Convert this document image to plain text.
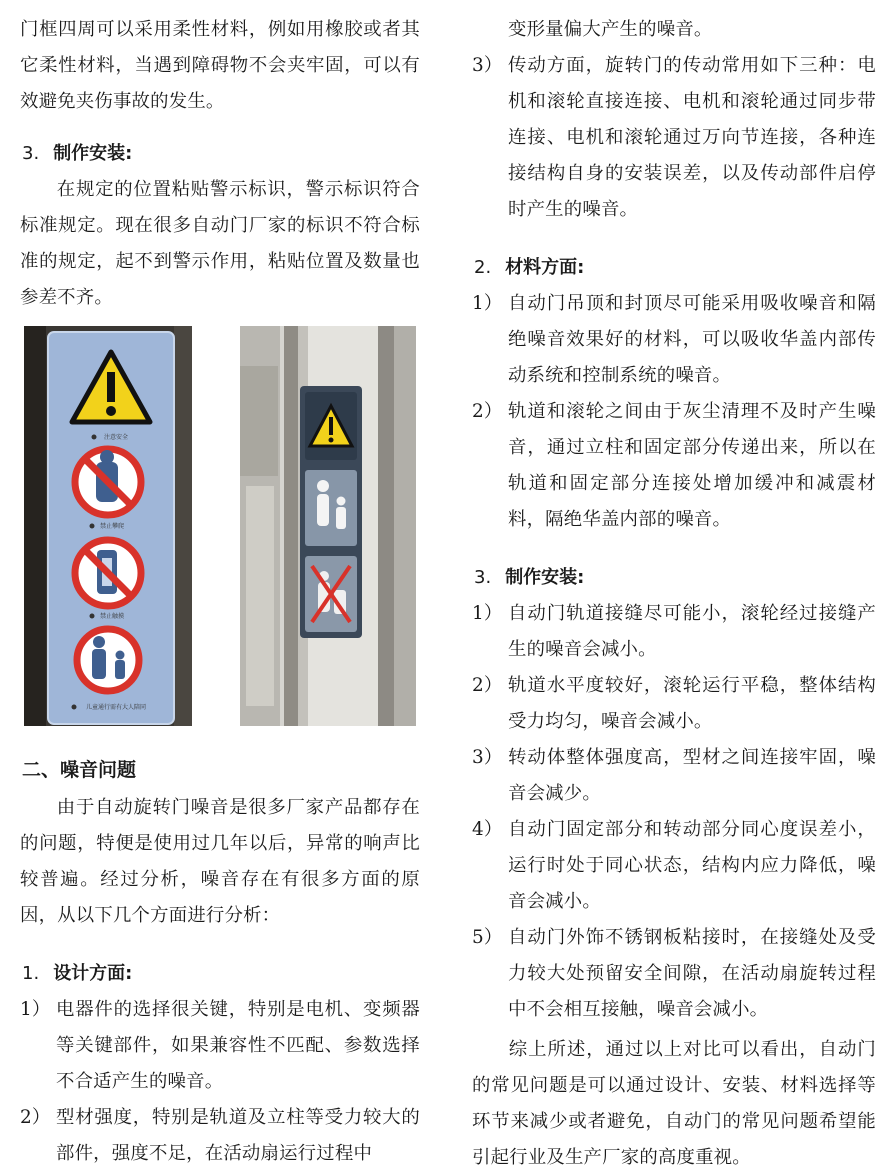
门框四周可以采用柔性材料，例如用橡胶或者其它柔性材料，当遇到障碍物不会夹牢固，可以有效避免夹伤事故的发生。

3. 制作安装:

在规定的位置粘贴警示标识，警示标识符合标准规定。现在很多自动门厂家的标识不符合标准的规定，起不到警示作用，粘贴位置及数量也参差不齐。

注意安全
禁止攀爬
禁止触摸
儿童通行需有大人陪同
二、噪音问题

由于自动旋转门噪音是很多厂家产品都存在的问题，特便是使用过几年以后，异常的响声比较普遍。经过分析，噪音存在有很多方面的原因，从以下几个方面进行分析：

1. 设计方面:
1） 电器件的选择很关键，特别是电机、变频器等关键部件，如果兼容性不匹配、参数选择不合适产生的噪音。
2） 型材强度，特别是轨道及立柱等受力较大的部件，强度不足，在活动扇运行过程中
变形量偏大产生的噪音。
3） 传动方面，旋转门的传动常用如下三种：电机和滚轮直接连接、电机和滚轮通过同步带连接、电机和滚轮通过万向节连接，各种连接结构自身的安装误差，以及传动部件启停时产生的噪音。
2. 材料方面:
1） 自动门吊顶和封顶尽可能采用吸收噪音和隔绝噪音效果好的材料，可以吸收华盖内部传动系统和控制系统的噪音。
2） 轨道和滚轮之间由于灰尘清理不及时产生噪音，通过立柱和固定部分传递出来，所以在轨道和固定部分连接处增加缓冲和减震材料，隔绝华盖内部的噪音。
3. 制作安装:
1） 自动门轨道接缝尽可能小，滚轮经过接缝产生的噪音会减小。
2） 轨道水平度较好，滚轮运行平稳，整体结构受力均匀，噪音会减小。
3） 转动体整体强度高，型材之间连接牢固，噪音会减少。
4） 自动门固定部分和转动部分同心度误差小，运行时处于同心状态，结构内应力降低，噪音会减小。
5） 自动门外饰不锈钢板粘接时，在接缝处及受力较大处预留安全间隙，在活动扇旋转过程中不会相互接触，噪音会减小。

综上所述，通过以上对比可以看出，自动门的常见问题是可以通过设计、安装、材料选择等环节来减少或者避免，自动门的常见问题希望能引起行业及生产厂家的高度重视。
